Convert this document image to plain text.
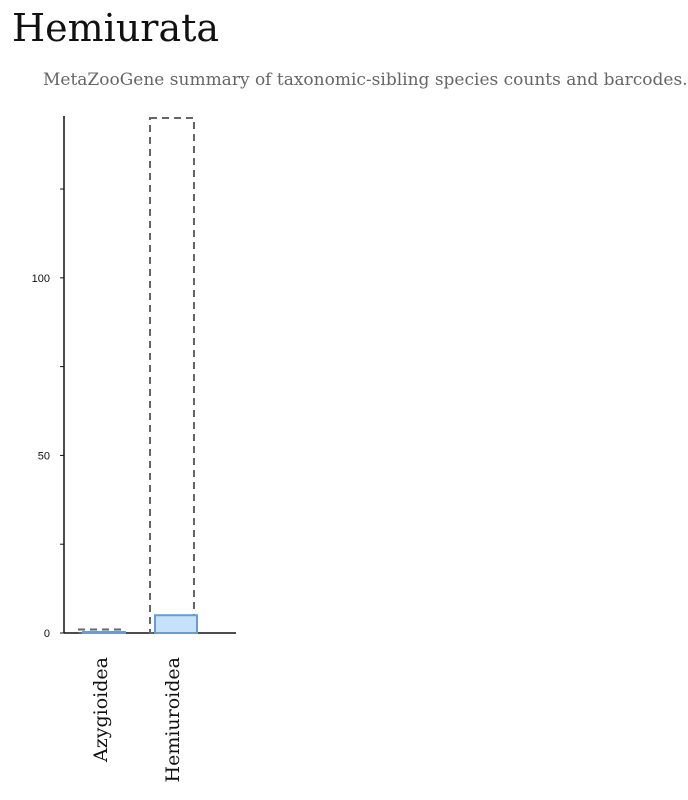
Hemiurata

MetaZooGene summary of taxonomic-sibling species counts and barcodes.

0
50
100
Azygioidea	Hemiuroidea
